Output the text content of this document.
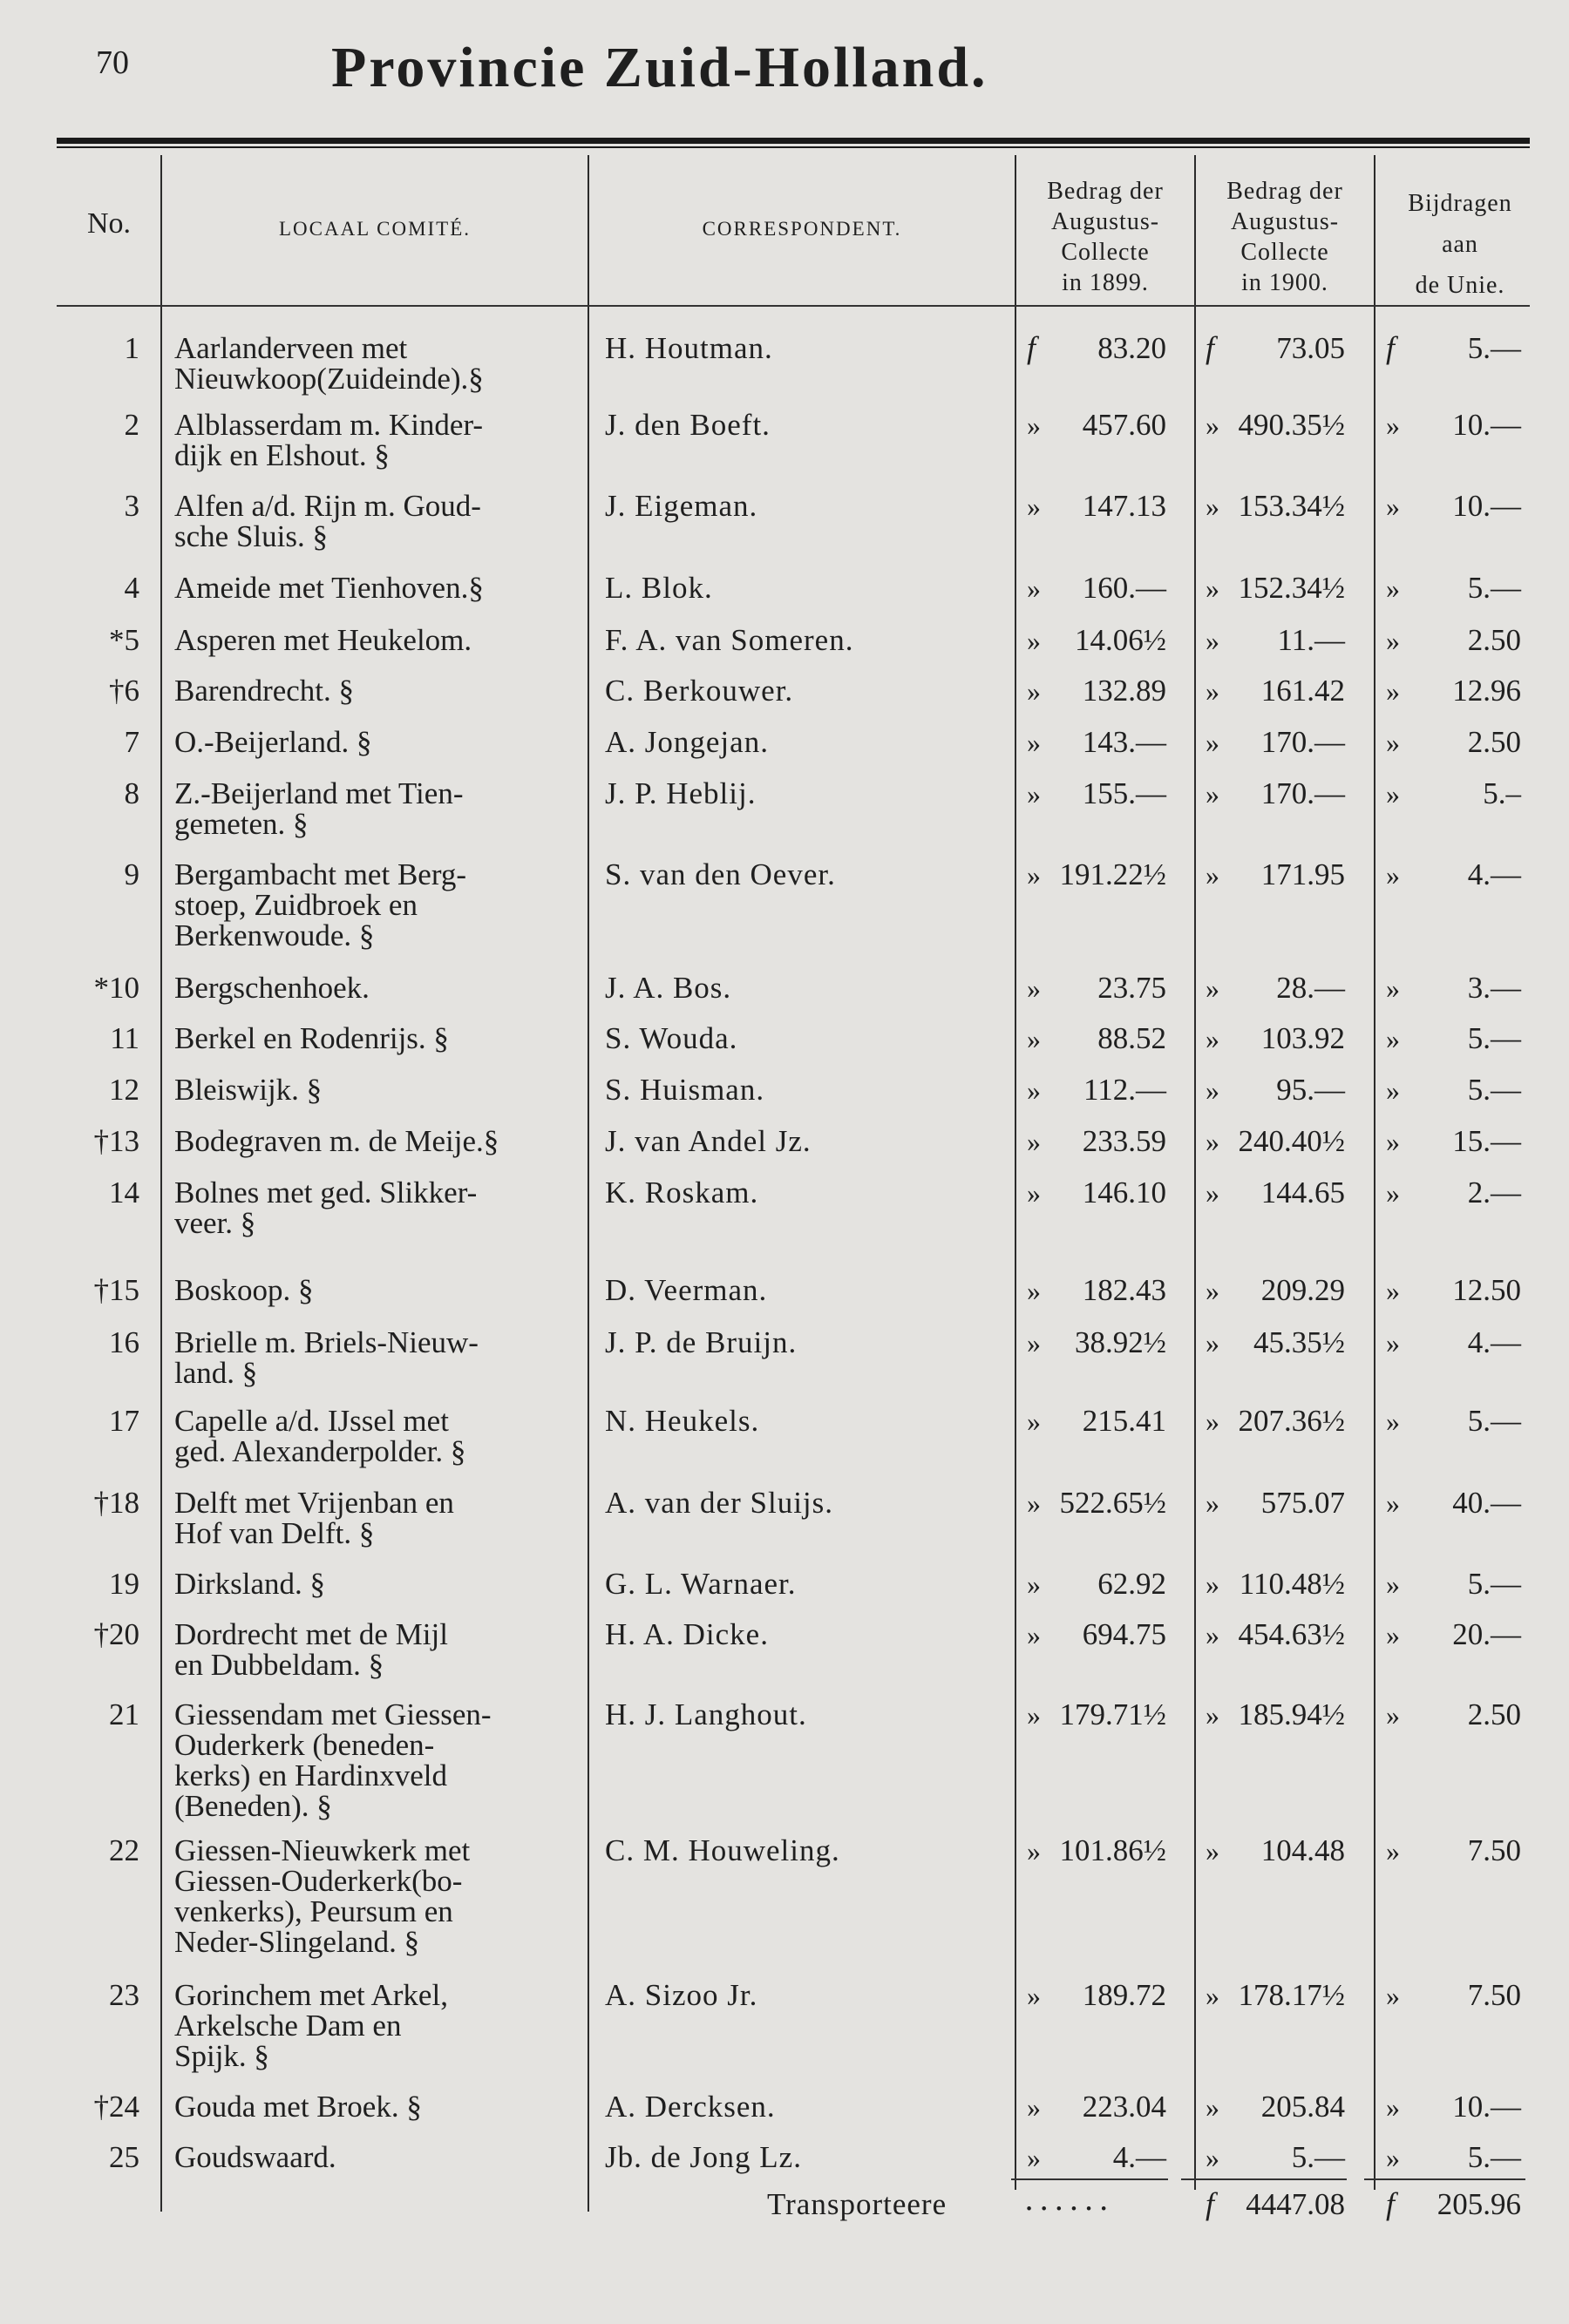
70	Provincie Zuid-Holland.
No.	LOCAAL COMITÉ.	CORRESPONDENT.
Bedrag der
Augustus-
Collecte
in 1899.
Bedrag der
Augustus-
Collecte
in 1900.
Bijdragen
aan
de Unie.
1 Aarlanderveen met
Nieuwkoop(Zuideinde).§
H. Houtman.	f 83.20 f 73.05 f 5.—
2 Alblasserdam m. Kinder-
dijk en Elshout. §
J. den Boeft.	» 457.60 » 490.35½ » 10.—
3 Alfen a/d. Rijn m. Goud-
sche Sluis. §
J. Eigeman.	» 147.13 » 153.34½ » 10.—
4 Ameide met Tienhoven.§	L. Blok.	» 160.— » 152.34½ » 5.—
*5 Asperen met Heukelom.	F. A. van Someren.	» 14.06½ » 11.— » 2.50
†6 Barendrecht. §	C. Berkouwer.	» 132.89 » 161.42 » 12.96
7 O.-Beijerland. §	A. Jongejan.	» 143.— » 170.— » 2.50
8 Z.-Beijerland met Tien-
gemeten. §
J. P. Heblij.	» 155.— » 170.— »	5.–
9 Bergambacht met Berg-
stoep, Zuidbroek en
Berkenwoude. §
S. van den Oever.	» 191.22½ » 171.95 » 4.—
*10 Bergschenhoek.	J. A. Bos.	» 23.75 » 28.— » 3.—
11 Berkel en Rodenrijs. §	S. Wouda.	» 88.52 » 103.92 » 5.—
12 Bleiswijk. §	S. Huisman.	» 112.— » 95.— » 5.—
†13 Bodegraven m. de Meije.§	J. van Andel Jz.	» 233.59 » 240.40½ » 15.—
14 Bolnes met ged. Slikker-
veer. §
K. Roskam.	» 146.10 » 144.65 » 2.—
†15 Boskoop. §	D. Veerman.	» 182.43 » 209.29 » 12.50
16 Brielle m. Briels-Nieuw-
land. §
J. P. de Bruijn.	» 38.92½ » 45.35½ » 4.—
17 Capelle a/d. IJssel met
ged. Alexanderpolder. §
N. Heukels.	» 215.41 » 207.36½ » 5.—
†18 Delft met Vrijenban en
Hof van Delft. §
A. van der Sluijs.	» 522.65½ » 575.07 » 40.—
19 Dirksland. §	G. L. Warnaer.	» 62.92 » 110.48½ » 5.—
†20 Dordrecht met de Mijl
en Dubbeldam. §
H. A. Dicke.	» 694.75 » 454.63½ » 20.—
21 Giessendam met Giessen-
Ouderkerk (beneden-
kerks) en Hardinxveld
(Beneden). §
H. J. Langhout.	» 179.71½ » 185.94½ » 2.50
22 Giessen-Nieuwkerk met
Giessen-Ouderkerk(bo-
venkerks), Peursum en
Neder-Slingeland. §
C. M. Houweling.	» 101.86½ » 104.48 » 7.50
23 Gorinchem met Arkel,
Arkelsche Dam en
Spijk. §
A. Sizoo Jr.	» 189.72 » 178.17½ » 7.50
†24 Gouda met Broek. §	A. Dercksen.	» 223.04 » 205.84 » 10.—
25 Goudswaard.	Jb. de Jong Lz.	» 4.— » 5.— » 5.—
Transporteere	......	f 4447.08 f 205.96
